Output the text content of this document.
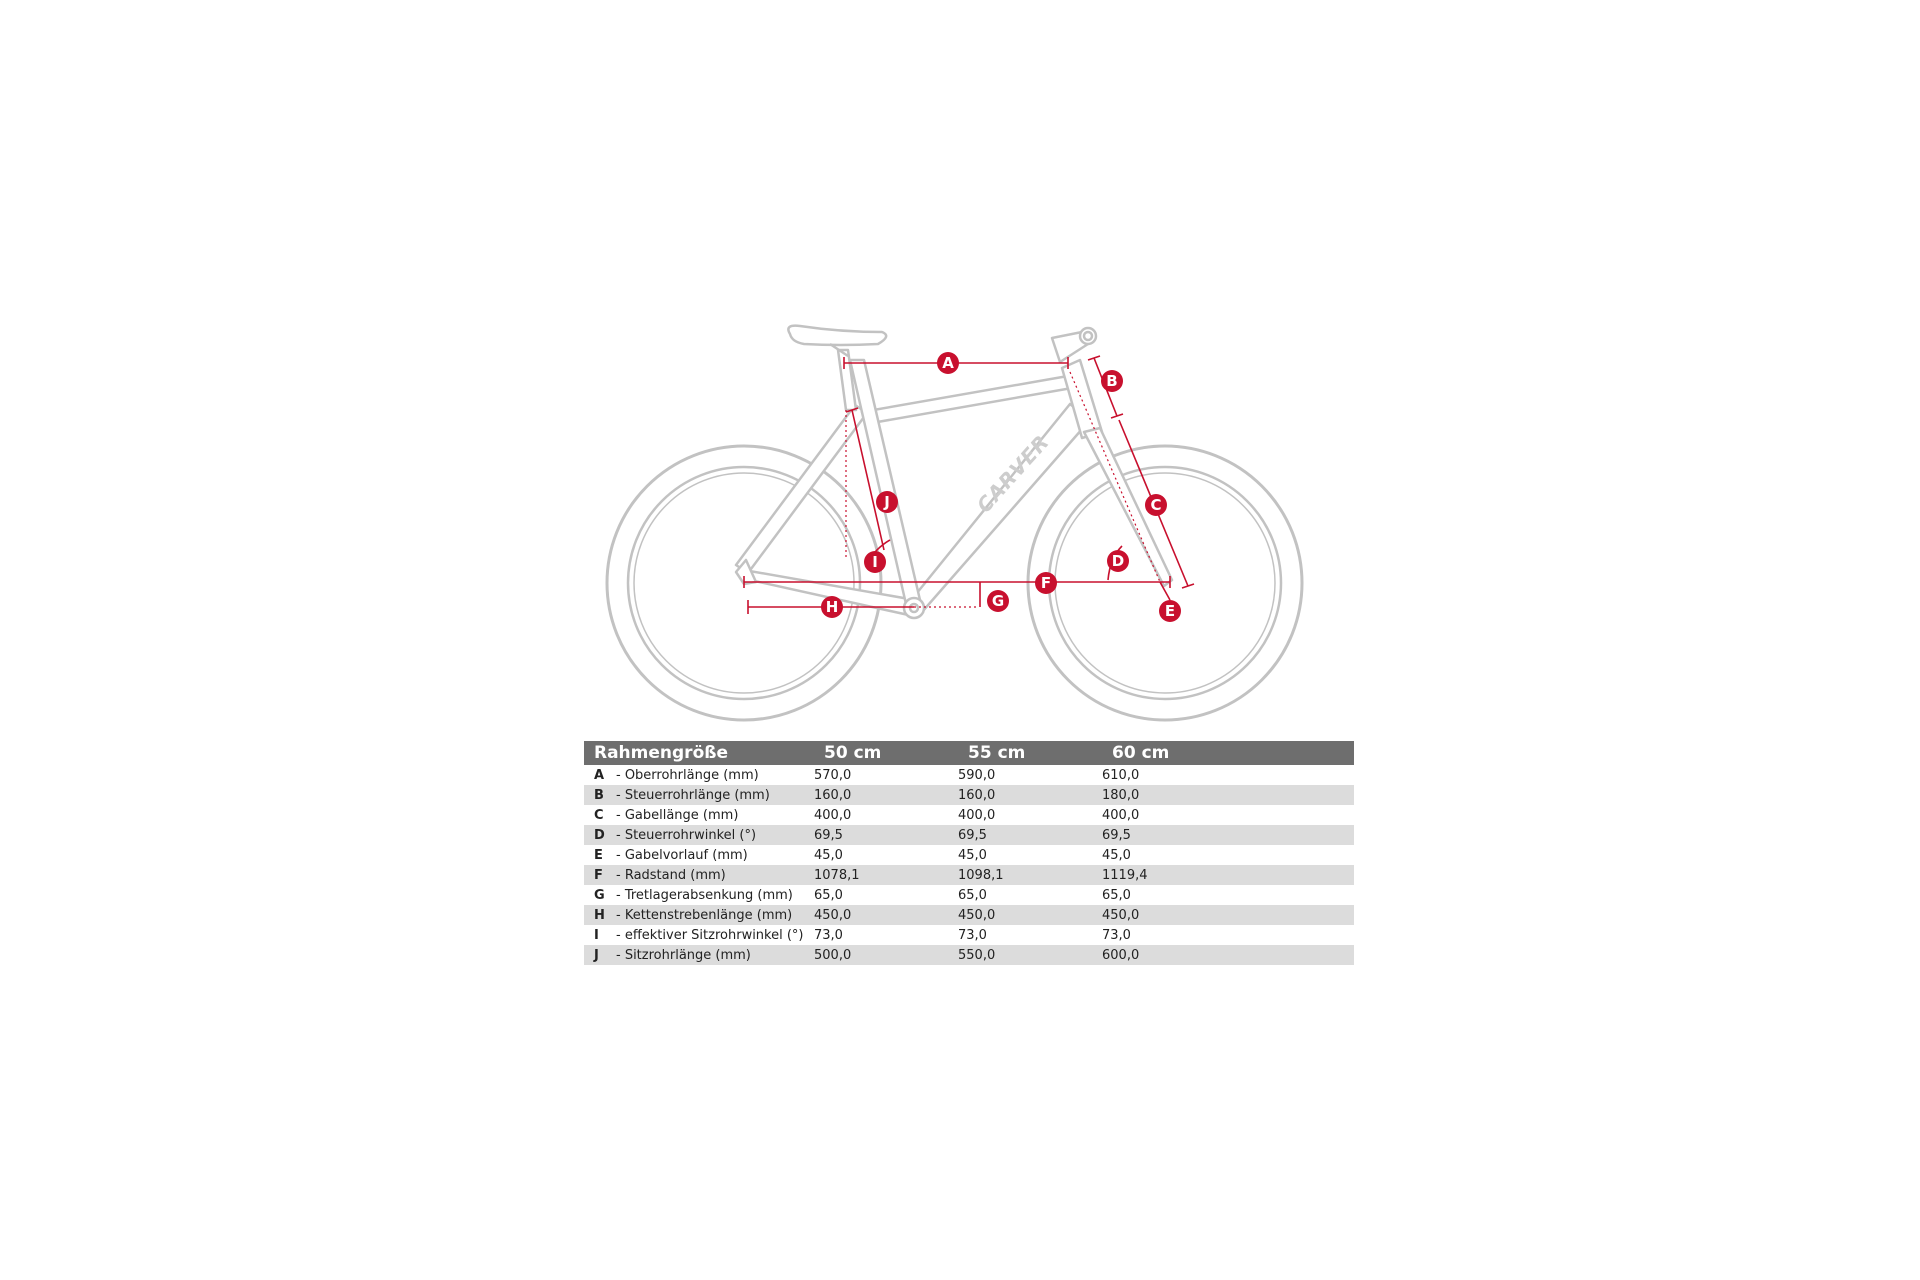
CARVER
A
B
C
D
E
F
G
H
I
J
Rahmengröße		50 cm	55 cm	60 cm
A	- Oberrohrlänge (mm)	570,0	590,0	610,0
B	- Steuerrohrlänge (mm)	160,0	160,0	180,0
C	- Gabellänge (mm)	400,0	400,0	400,0
D	- Steuerrohrwinkel (°)	69,5	69,5	69,5
E	- Gabelvorlauf (mm)	45,0	45,0	45,0
F	- Radstand (mm)	1078,1	1098,1	1119,4
G	- Tretlagerabsenkung (mm)	65,0	65,0	65,0
H	- Kettenstrebenlänge (mm)	450,0	450,0	450,0
I	- effektiver Sitzrohrwinkel (°)	73,0	73,0	73,0
J	- Sitzrohrlänge (mm)	500,0	550,0	600,0
